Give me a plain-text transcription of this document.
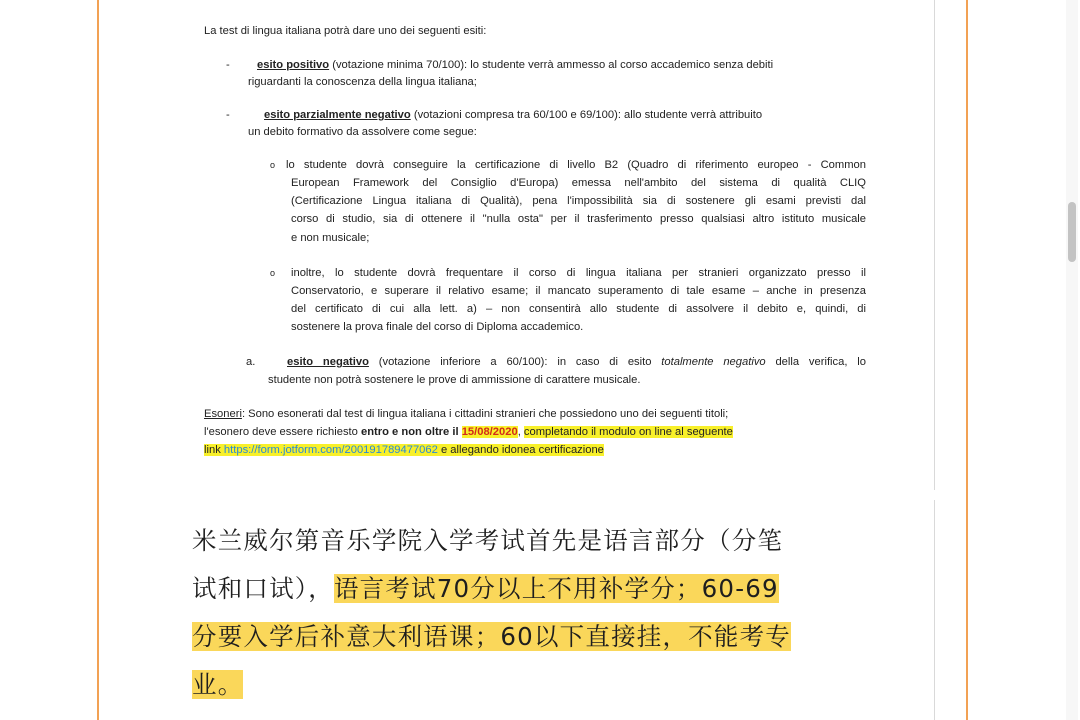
La test di lingua italiana potrà dare uno dei seguenti esiti:
- esito positivo (votazione minima 70/100): lo studente verrà ammesso al corso accademico senza debiti
riguardanti la conoscenza della lingua italiana;
-	esito parzialmente negativo (votazioni compresa tra 60/100 e 69/100): allo studente verrà attribuito
un debito formativo da assolvere come segue:
o lo studente dovrà conseguire la certificazione di livello B2 (Quadro di riferimento europeo - Common
European Framework del Consiglio d'Europa) emessa nell'ambito del sistema di qualità CLIQ
(Certificazione Lingua italiana di Qualità), pena l'impossibilità sia di sostenere gli esami previsti dal
corso di studio, sia di ottenere il "nulla osta" per il trasferimento presso qualsiasi altro istituto musicale
e non musicale;
o inoltre, lo studente dovrà frequentare il corso di lingua italiana per stranieri organizzato presso il
Conservatorio, e superare il relativo esame; il mancato superamento di tale esame – anche in presenza
del certificato di cui alla lett. a) – non consentirà allo studente di assolvere il debito e, quindi, di
sostenere la prova finale del corso di Diploma accademico.
a.	esito negativo (votazione inferiore a 60/100): in caso di esito totalmente negativo della verifica, lo
studente non potrà sostenere le prove di ammissione di carattere musicale.
Esoneri: Sono esonerati dal test di lingua italiana i cittadini stranieri che possiedono uno dei seguenti titoli;
l'esonero deve essere richiesto entro e non oltre il 15/08/2020, completando il modulo on line al seguente
link https://form.jotform.com/200191789477062 e allegando idonea certificazione
米兰威尔第音乐学院入学考试首先是语言部分（分笔
试和口试），语言考试70分以上不用补学分；60-69
分要入学后补意大利语课；60以下直接挂，不能考专
业。
